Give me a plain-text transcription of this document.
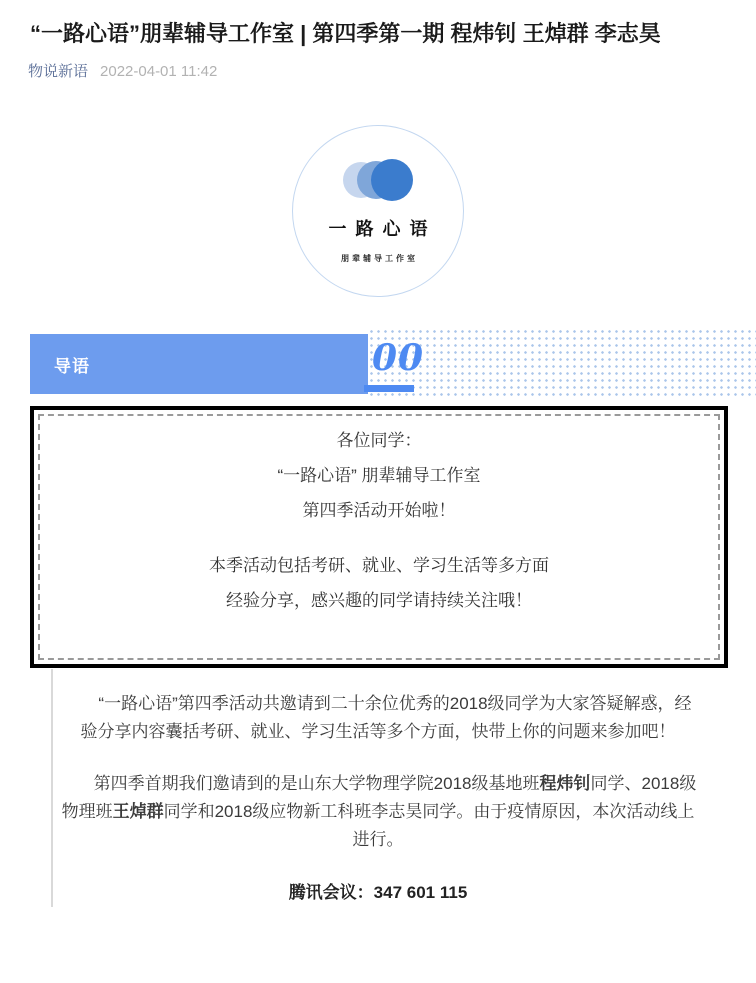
“一路心语”朋辈辅导工作室 | 第四季第一期 程炜钊 王焯群 李志昊
物说新语 2022-04-01 11:42
一路心语
朋辈辅导工作室
导语	00
各位同学：
“一路心语” 朋辈辅导工作室
第四季活动开始啦！
本季活动包括考研、就业、学习生活等多方面
经验分享，感兴趣的同学请持续关注哦！

“一路心语”第四季活动共邀请到二十余位优秀的2018级同学为大家答疑解惑，经验分享内容囊括考研、就业、学习生活等多个方面，快带上你的问题来参加吧！

第四季首期我们邀请到的是山东大学物理学院2018级基地班程炜钊同学、2018级物理班王焯群同学和2018级应物新工科班李志昊同学。由于疫情原因，本次活动线上进行。

腾讯会议：347 601 115
